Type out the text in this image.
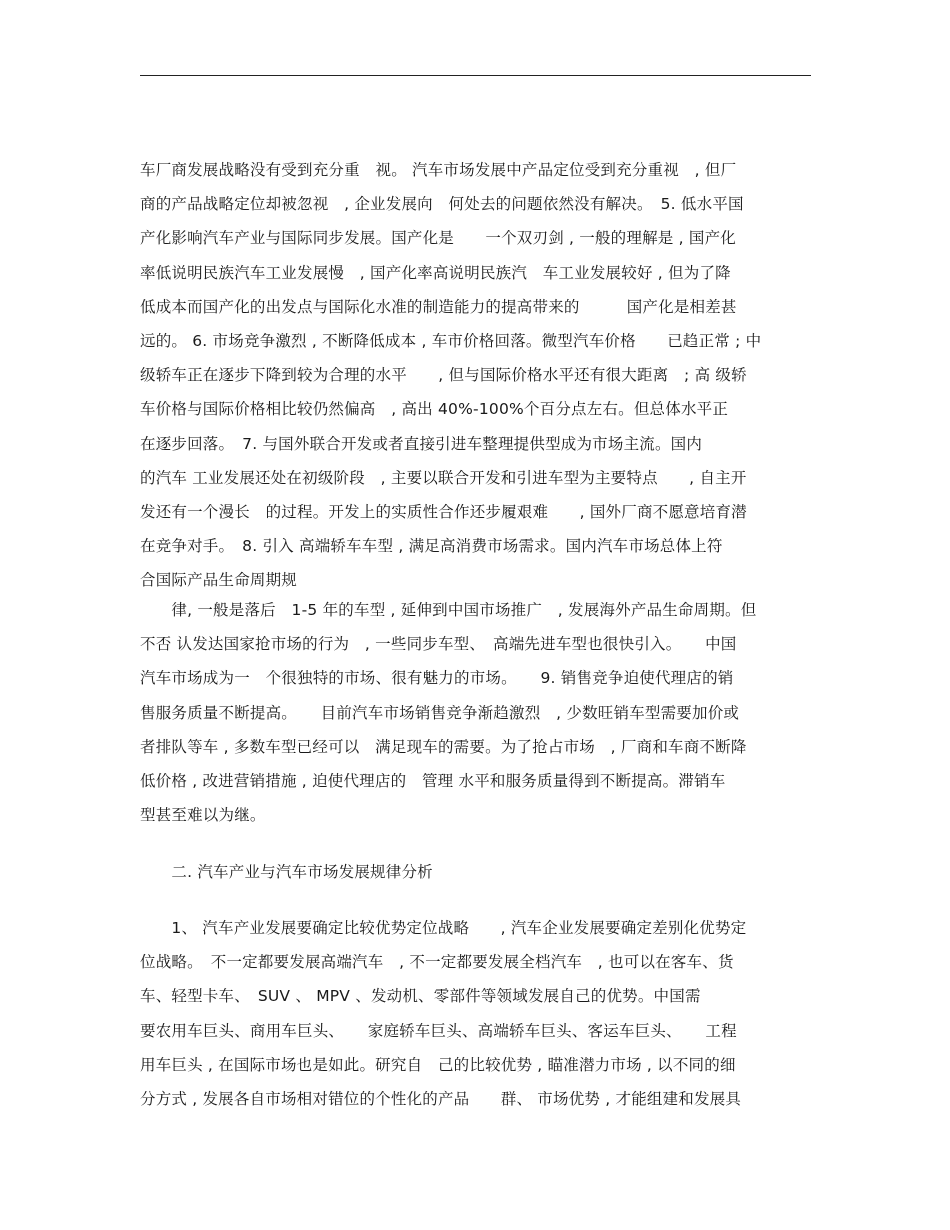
车厂商发展战略没有受到充分重　视。 汽车市场发展中产品定位受到充分重视　, 但厂
商的产品战略定位却被忽视　, 企业发展向　何处去的问题依然没有解决。　5. 低水平国
产化影响汽车产业与国际同步发展。国产化是　　一个双刃剑 , 一般的理解是 , 国产化
率低说明民族汽车工业发展慢　, 国产化率高说明民族汽　车工业发展较好 , 但为了降
低成本而国产化的出发点与国际化水准的制造能力的提高带来的　　　国产化是相差甚
远的。 6. 市场竞争激烈 , 不断降低成本 , 车市价格回落。微型汽车价格　　已趋正常 ; 中
级轿车正在逐步下降到较为合理的水平　　, 但与国际价格水平还有很大距离　; 高 级轿
车价格与国际价格相比较仍然偏高　, 高出 40%-100%个百分点左右。但总体水平正
在逐步回落。　7. 与国外联合开发或者直接引进车整理提供型成为市场主流。国内
的汽车 工业发展还处在初级阶段　, 主要以联合开发和引进车型为主要特点　　, 自主开
发还有一个漫长　的过程。开发上的实质性合作还步履艰难　　, 国外厂商不愿意培育潜
在竞争对手。　8. 引入 高端轿车车型 , 满足高消费市场需求。国内汽车市场总体上符
合国际产品生命周期规
　　律, 一般是落后　1-5 年的车型 , 延伸到中国市场推广　, 发展海外产品生命周期。但
不否 认发达国家抢市场的行为　, 一些同步车型、　高端先进车型也很快引入。　　中国
汽车市场成为一　个很独特的市场、很有魅力的市场。　　9. 销售竞争迫使代理店的销
售服务质量不断提高。　　目前汽车市场销售竞争渐趋激烈　, 少数旺销车型需要加价或
者排队等车 , 多数车型已经可以　满足现车的需要。为了抢占市场　, 厂商和车商不断降
低价格 , 改进营销措施 , 迫使代理店的　管理 水平和服务质量得到不断提高。滞销车
型甚至难以为继。
　　二. 汽车产业与汽车市场发展规律分析
　　1、 汽车产业发展要确定比较优势定位战略　　, 汽车企业发展要确定差别化优势定
位战略。　不一定都要发展高端汽车　, 不一定都要发展全档汽车　, 也可以在客车、货
车、轻型卡车、　SUV 、 MPV 、发动机、零部件等领域发展自己的优势。中国需
要农用车巨头、商用车巨头、　　家庭轿车巨头、高端轿车巨头、客运车巨头、　　工程
用车巨头 , 在国际市场也是如此。研究自　己的比较优势 , 瞄准潜力市场 , 以不同的细
分方式 , 发展各自市场相对错位的个性化的产品　　群、 市场优势 , 才能组建和发展具
